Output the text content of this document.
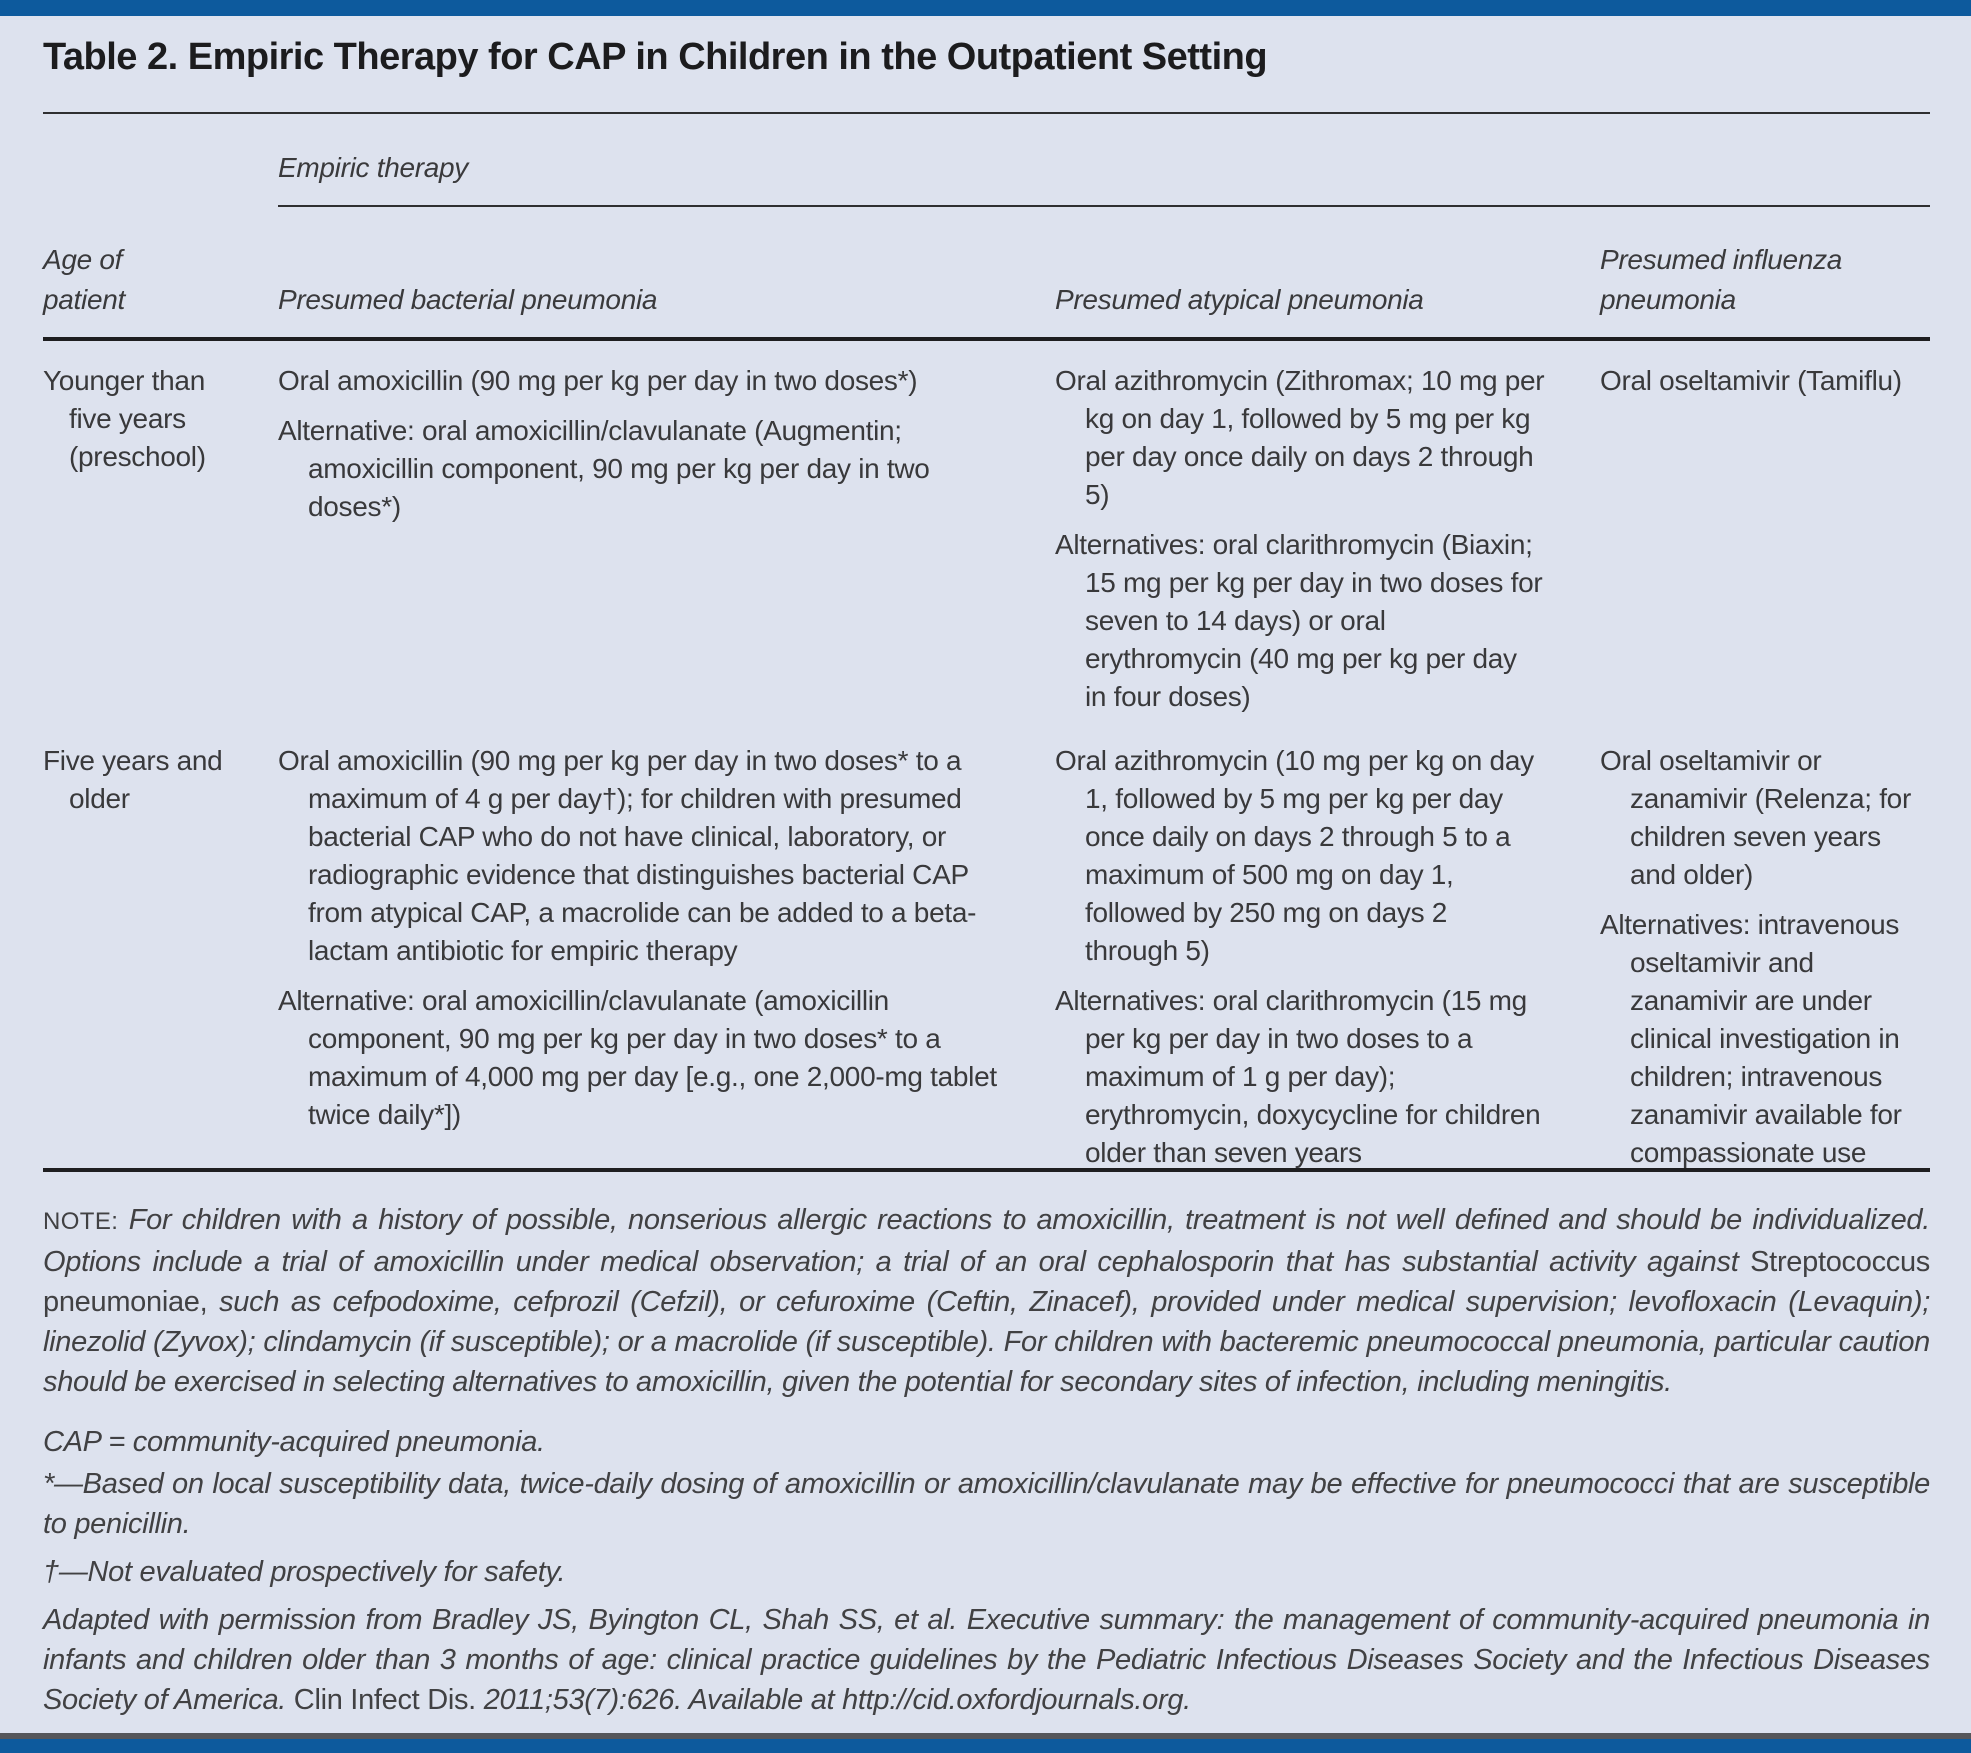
Table 2. Empiric Therapy for CAP in Children in the Outpatient Setting
Empiric therapy
Age of patient	Presumed bacterial pneumonia	Presumed atypical pneumonia
Presumed influenza pneumonia

Younger than five years (preschool)

Oral amoxicillin (90 mg per kg per day in two doses*)

Alternative: oral amoxicillin/clavulanate (Augmentin; amoxicillin component, 90 mg per kg per day in two doses*)

Oral azithromycin (Zithromax; 10 mg per kg on day 1, followed by 5 mg per kg per day once daily on days 2 through 5)

Alternatives: oral clarithromycin (Biaxin; 15 mg per kg per day in two doses for seven to 14 days) or oral erythromycin (40 mg per kg per day in four doses)

Oral oseltamivir (Tamiflu)

Five years and older

Oral amoxicillin (90 mg per kg per day in two doses* to a maximum of 4 g per day†); for children with presumed bacterial CAP who do not have clinical, laboratory, or radiographic evidence that distinguishes bacterial CAP from atypical CAP, a macrolide can be added to a beta-lactam antibiotic for empiric therapy

Alternative: oral amoxicillin/clavulanate (amoxicillin component, 90 mg per kg per day in two doses* to a maximum of 4,000 mg per day [e.g., one 2,000-mg tablet twice daily*])

Oral azithromycin (10 mg per kg on day 1, followed by 5 mg per kg per day once daily on days 2 through 5 to a maximum of 500 mg on day 1, followed by 250 mg on days 2 through 5)

Alternatives: oral clarithromycin (15 mg per kg per day in two doses to a maximum of 1 g per day); erythromycin, doxycycline for children older than seven years

Oral oseltamivir or zanamivir (Relenza; for children seven years and older)

Alternatives: intravenous oseltamivir and zanamivir are under clinical investigation in children; intravenous zanamivir available for compassionate use

NOTE: For children with a history of possible, nonserious allergic reactions to amoxicillin, treatment is not well defined and should be individualized. Options include a trial of amoxicillin under medical observation; a trial of an oral cephalosporin that has substantial activity against Streptococcus pneumoniae, such as cefpodoxime, cefprozil (Cefzil), or cefuroxime (Ceftin, Zinacef), provided under medical supervision; levofloxacin (Levaquin); linezolid (Zyvox); clindamycin (if susceptible); or a macrolide (if susceptible). For children with bacteremic pneumococcal pneumonia, particular caution should be exercised in selecting alternatives to amoxicillin, given the potential for secondary sites of infection, including meningitis.

CAP = community-acquired pneumonia.

*—Based on local susceptibility data, twice-daily dosing of amoxicillin or amoxicillin/clavulanate may be effective for pneumococci that are susceptible to penicillin.

†—Not evaluated prospectively for safety.

Adapted with permission from Bradley JS, Byington CL, Shah SS, et al. Executive summary: the management of community-acquired pneumonia in infants and children older than 3 months of age: clinical practice guidelines by the Pediatric Infectious Diseases Society and the Infectious Diseases Society of America. Clin Infect Dis. 2011;53(7):626. Available at http://cid.oxfordjournals.org.
